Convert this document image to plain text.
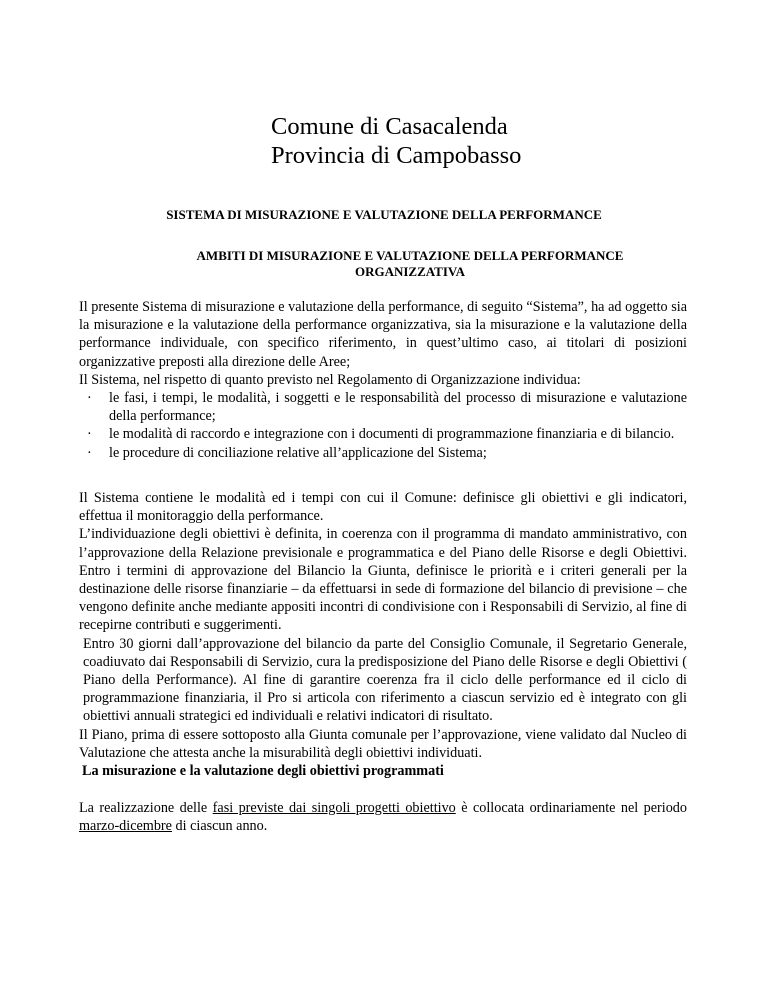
Comune di Casacalenda
Provincia di Campobasso
SISTEMA DI MISURAZIONE E VALUTAZIONE DELLA PERFORMANCE
AMBITI DI MISURAZIONE E VALUTAZIONE DELLA PERFORMANCE ORGANIZZATIVA

Il presente Sistema di misurazione e valutazione della performance, di seguito “Sistema”, ha ad oggetto sia la misurazione e la valutazione della performance organizzativa, sia la misurazione e la valutazione della performance individuale, con specifico riferimento, in quest’ultimo caso, ai titolari di posizioni organizzative preposti alla direzione delle Aree;

Il Sistema, nel rispetto di quanto previsto nel Regolamento di Organizzazione individua:

· le fasi, i tempi, le modalità, i soggetti e le responsabilità del processo di misurazione e valutazione della performance;
· le modalità di raccordo e integrazione con i documenti di programmazione finanziaria e di bilancio.
· le procedure di conciliazione relative all’applicazione del Sistema;

Il Sistema contiene le modalità ed i tempi con cui il Comune: definisce gli obiettivi e gli indicatori, effettua il monitoraggio della performance.

L’individuazione degli obiettivi è definita, in coerenza con il programma di mandato amministrativo, con l’approvazione della Relazione previsionale e programmatica e del Piano delle Risorse e degli Obiettivi. Entro i termini di approvazione del Bilancio la Giunta, definisce le priorità e i criteri generali per la destinazione delle risorse finanziarie – da effettuarsi in sede di formazione del bilancio di previsione – che vengono definite anche mediante appositi incontri di condivisione con i Responsabili di Servizio, al fine di recepirne contributi e suggerimenti.

Entro 30 giorni dall’approvazione del bilancio da parte del Consiglio Comunale, il Segretario Generale, coadiuvato dai Responsabili di Servizio, cura la predisposizione del Piano delle Risorse e degli Obiettivi ( Piano della Performance). Al fine di garantire coerenza fra il ciclo delle performance ed il ciclo di programmazione finanziaria, il Pro si articola con riferimento a ciascun servizio ed è integrato con gli obiettivi annuali strategici ed individuali e relativi indicatori di risultato.

Il Piano, prima di essere sottoposto alla Giunta comunale per l’approvazione, viene validato dal Nucleo di Valutazione che attesta anche la misurabilità degli obiettivi individuati.

La misurazione e la valutazione degli obiettivi programmati
La realizzazione delle fasi previste dai singoli progetti obiettivo è collocata ordinariamente nel periodo marzo-dicembre di ciascun anno.
